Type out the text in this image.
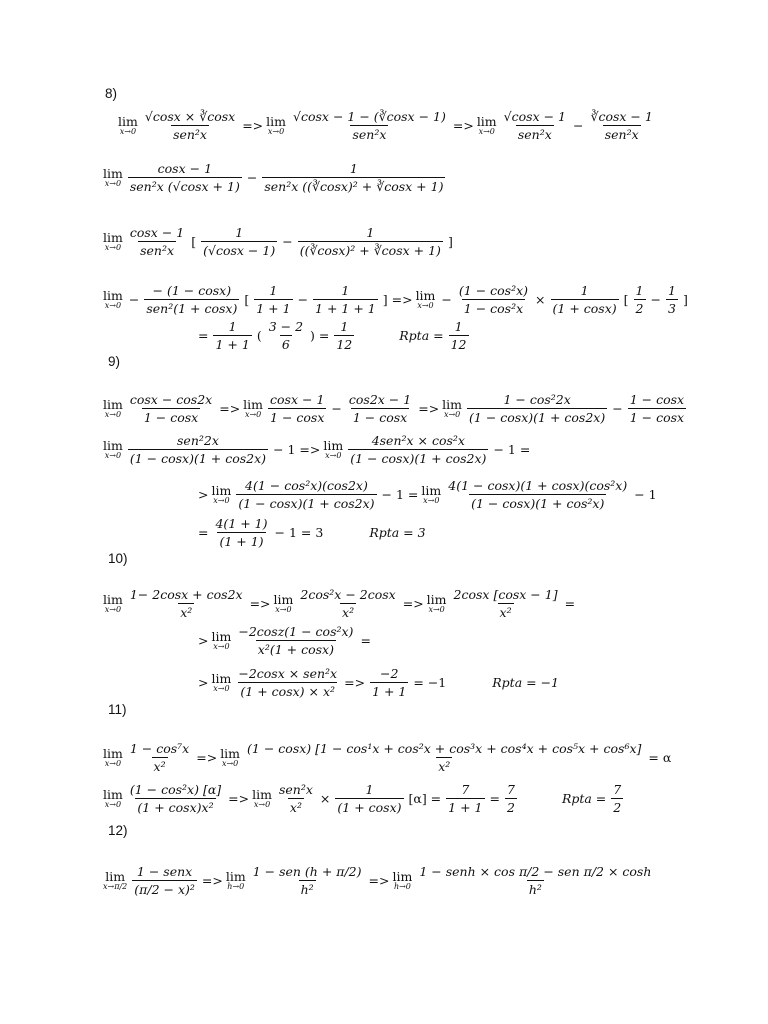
8)
lim
$x\to 0 \frac{√\cos x \times ∛\cos x}{\text{sen²x}} => \lim$
$x\to 0 \frac{√\cos x - 1 - (∛\cos x - 1)}{\text{sen²x}} => \lim$
$x\to 0 \frac{√\cos x - 1}{\text{sen²x}} - \frac{∛\cos x - 1}{\text{sen²x}}$
lim
$x\to 0 \frac{\cos x - 1}{\text{sen²x (√cosx + 1)}} - \frac{1}{\text{sen²x ((∛cosx)² + ∛cosx + 1)}}$
lim
$x\to 0 \frac{\cos x - 1}{\text{sen²x}}$ [ $\frac{1}{(√\cos x - 1)} - \frac{1}{\text{((∛cosx)² + ∛cosx + 1)}}$ ]
lim
$x\to 0 - \frac{- (1 - \cos x)}{\text{sen²(1 + cosx)}}$ [ $\frac{1}{1 + 1} - \frac{1}{1 + 1 + 1}$ ] => lim
$x\to 0 - \frac{\text{(1 − cos²x)}}{\text{1 − cos²x}} \times \frac{1}{(1 + \cos x)}$ [ $\frac{1}{2} - \frac{1}{3}$ ]
= $\frac{1}{1 + 1}$ ( $\frac{3 - 2}{6}$ ) = $\frac{1}{12}$	Rpta = $\frac{1}{12}$
9)
lim
$x\to 0 \frac{\cos x - \cos 2x}{1 - \cos x} => \lim$
$x\to 0 \frac{\cos x - 1}{1 - \cos x} - \frac{\cos 2x - 1}{1 - \cos x} => \lim$
$x\to 0 \frac{\text{1 − cos²2x}}{(1 - \cos x)(1 + \cos 2x)} - \frac{1 - \cos x}{1 - \cos x}$
lim
$x\to 0 \frac{\text{sen²2x}}{(1 - \cos x)(1 + \cos 2x)} - 1 => \lim$
$x\to 0 \frac{\text{4sen²x × cos²x}}{(1 - \cos x)(1 + \cos 2x)} - 1$ =
> lim
$x\to 0 \frac{\text{4(1 − cos²x)(cos2x)}}{(1 - \cos x)(1 + \cos 2x)} - 1 = \lim$
$x\to 0 \frac{\text{4(1 − cosx)(1 + cosx)(cos²x)}}{\text{(1 − cosx)(1 + cos²x)}} - 1$
= $\frac{4(1 + 1)}{(1 + 1)} - 1 = 3$	Rpta = 3
10)
lim
$x\to 0 \frac{1- 2\cos x + \cos 2x}{\text{x²}} => \lim$
$x\to 0 \frac{\text{2cos²x − 2cosx}}{\text{x²}} => \lim$
$x\to 0 \frac{2\cos x [\cos x - 1]}{\text{x²}}$ =
> lim
$x\to 0 \frac{\text{−2cosz(1 − cos²x)}}{\text{x²(1 + cosx)}}$ =
> lim
$x\to 0 \frac{\text{−2cosx × sen²x}}{\text{(1 + cosx) × x²}} => \frac{-2}{1 + 1} = -1$	Rpta = −1
11)
lim
$x\to 0 \frac{\text{1 − cos⁷x}}{\text{x²}} => \lim$
x→0
(1 − cosx) [1 − cos¹x + cos²x + cos³x + cos⁴x + cos⁵x + cos⁶x]
x²
= α
lim
$x\to 0 \frac{\text{(1 − cos²x) [α]}}{\text{(1 + cosx)x²}} => \lim$
$x\to 0 \frac{\text{sen²x}}{\text{x²}} \times \frac{1}{(1 + \cos x)} [\alpha] = \frac{7}{1 + 1} = \frac{7}{2}$	Rpta = $\frac{7}{2}$
12)
lim
$x\to\pi/2 \frac{\text{1 − senx}}{\text{(π/2 − x)²}} => \lim$
$h\to 0 \frac{\text{1 − sen (h + π/2)}}{\text{h²}} => \lim$
$h\to 0 \frac{\text{1 − senh × cos π/2 − sen π/2 × cosh}}{\text{h²}}$
